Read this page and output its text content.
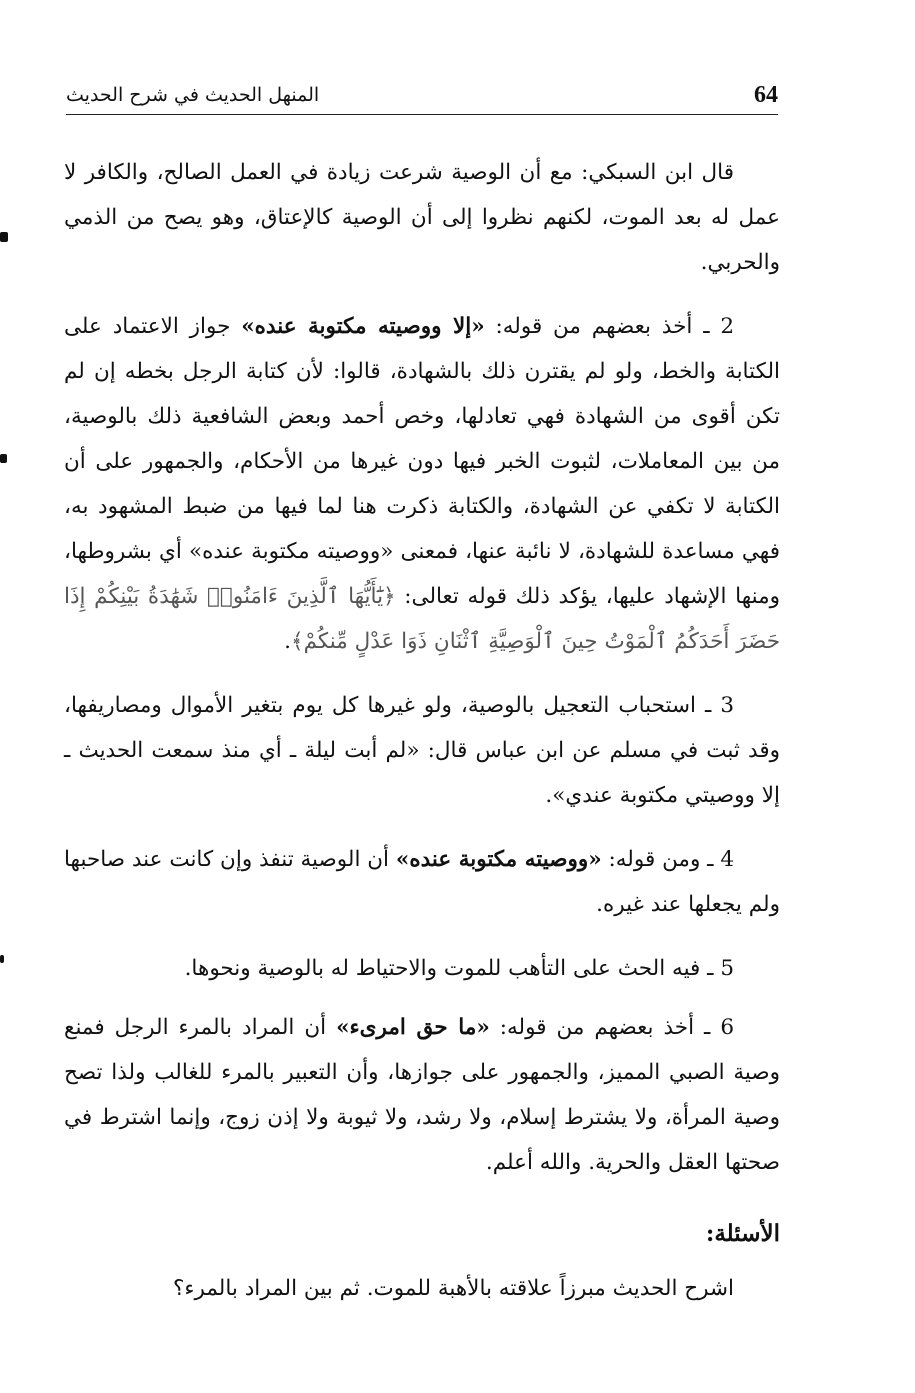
64
المنهل الحديث في شرح الحديث

قال ابن السبكي: مع أن الوصية شرعت زيادة في العمل الصالح، والكافر لا عمل له بعد الموت، لكنهم نظروا إلى أن الوصية كالإعتاق، وهو يصح من الذمي والحربي.

2 ـ أخذ بعضهم من قوله: «إلا ووصيته مكتوبة عنده» جواز الاعتماد على الكتابة والخط، ولو لم يقترن ذلك بالشهادة، قالوا: لأن كتابة الرجل بخطه إن لم تكن أقوى من الشهادة فهي تعادلها، وخص أحمد وبعض الشافعية ذلك بالوصية، من بين المعاملات، لثبوت الخبر فيها دون غيرها من الأحكام، والجمهور على أن الكتابة لا تكفي عن الشهادة، والكتابة ذكرت هنا لما فيها من ضبط المشهود به، فهي مساعدة للشهادة، لا نائبة عنها، فمعنى «ووصيته مكتوبة عنده» أي بشروطها، ومنها الإشهاد عليها، يؤكد ذلك قوله تعالى: ﴿يَٰٓأَيُّهَا ٱلَّذِينَ ءَامَنُوا۟ شَهَٰدَةُ بَيْنِكُمْ إِذَا حَضَرَ أَحَدَكُمُ ٱلْمَوْتُ حِينَ ٱلْوَصِيَّةِ ٱثْنَانِ ذَوَا عَدْلٍ مِّنكُمْ﴾.

3 ـ استحباب التعجيل بالوصية، ولو غيرها كل يوم بتغير الأموال ومصاريفها، وقد ثبت في مسلم عن ابن عباس قال: «لم أبت ليلة ـ أي منذ سمعت الحديث ـ إلا ووصيتي مكتوبة عندي».

4 ـ ومن قوله: «ووصيته مكتوبة عنده» أن الوصية تنفذ وإن كانت عند صاحبها ولم يجعلها عند غيره.

5 ـ فيه الحث على التأهب للموت والاحتياط له بالوصية ونحوها.

6 ـ أخذ بعضهم من قوله: «ما حق امرىء» أن المراد بالمرء الرجل فمنع وصية الصبي المميز، والجمهور على جوازها، وأن التعبير بالمرء للغالب ولذا تصح وصية المرأة، ولا يشترط إسلام، ولا رشد، ولا ثيوبة ولا إذن زوج، وإنما اشترط في صحتها العقل والحرية. والله أعلم.

الأسئلة:

اشرح الحديث مبرزاً علاقته بالأهبة للموت. ثم بين المراد بالمرء؟
